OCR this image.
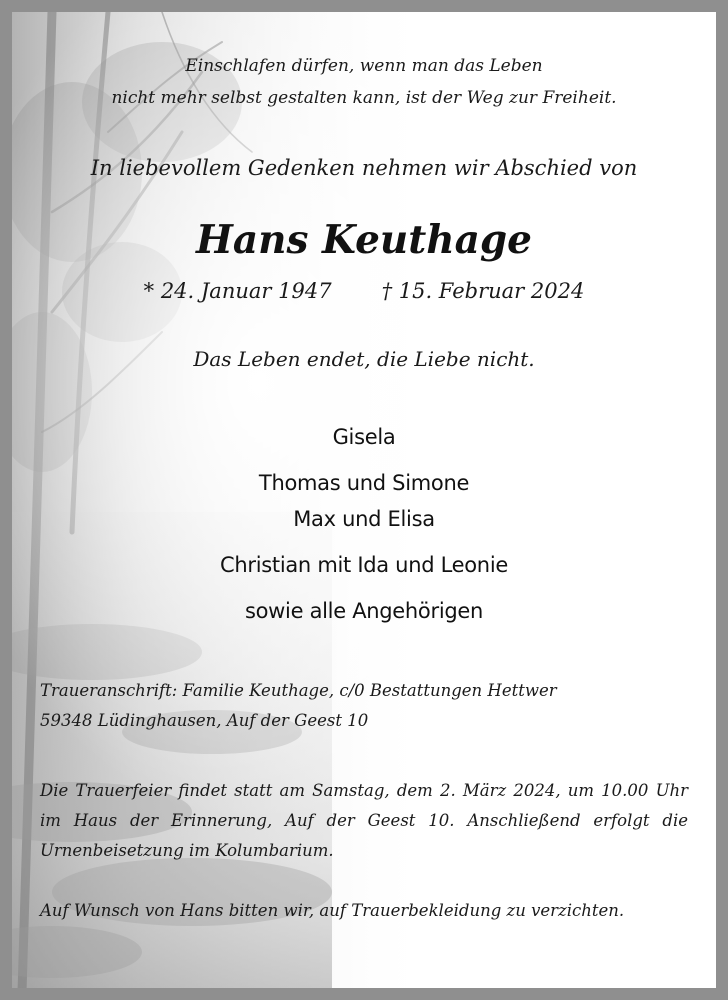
Einschlafen dürfen, wenn man das Leben
nicht mehr selbst gestalten kann, ist der Weg zur Freiheit.
In liebevollem Gedenken nehmen wir Abschied von
Hans Keuthage
* 24. Januar 1947 † 15. Februar 2024
Das Leben endet, die Liebe nicht.
Gisela
Thomas und Simone
Max und Elisa
Christian mit Ida und Leonie
sowie alle Angehörigen
Traueranschrift: Familie Keuthage, c/0 Bestattungen Hettwer
59348 Lüdinghausen, Auf der Geest 10

Die Trauerfeier findet statt am Samstag, dem 2. März 2024, um 10.00 Uhr im Haus der Erinnerung, Auf der Geest 10. Anschließend erfolgt die Urnenbeisetzung im Kolumbarium.

Auf Wunsch von Hans bitten wir, auf Trauerbekleidung zu verzichten.
